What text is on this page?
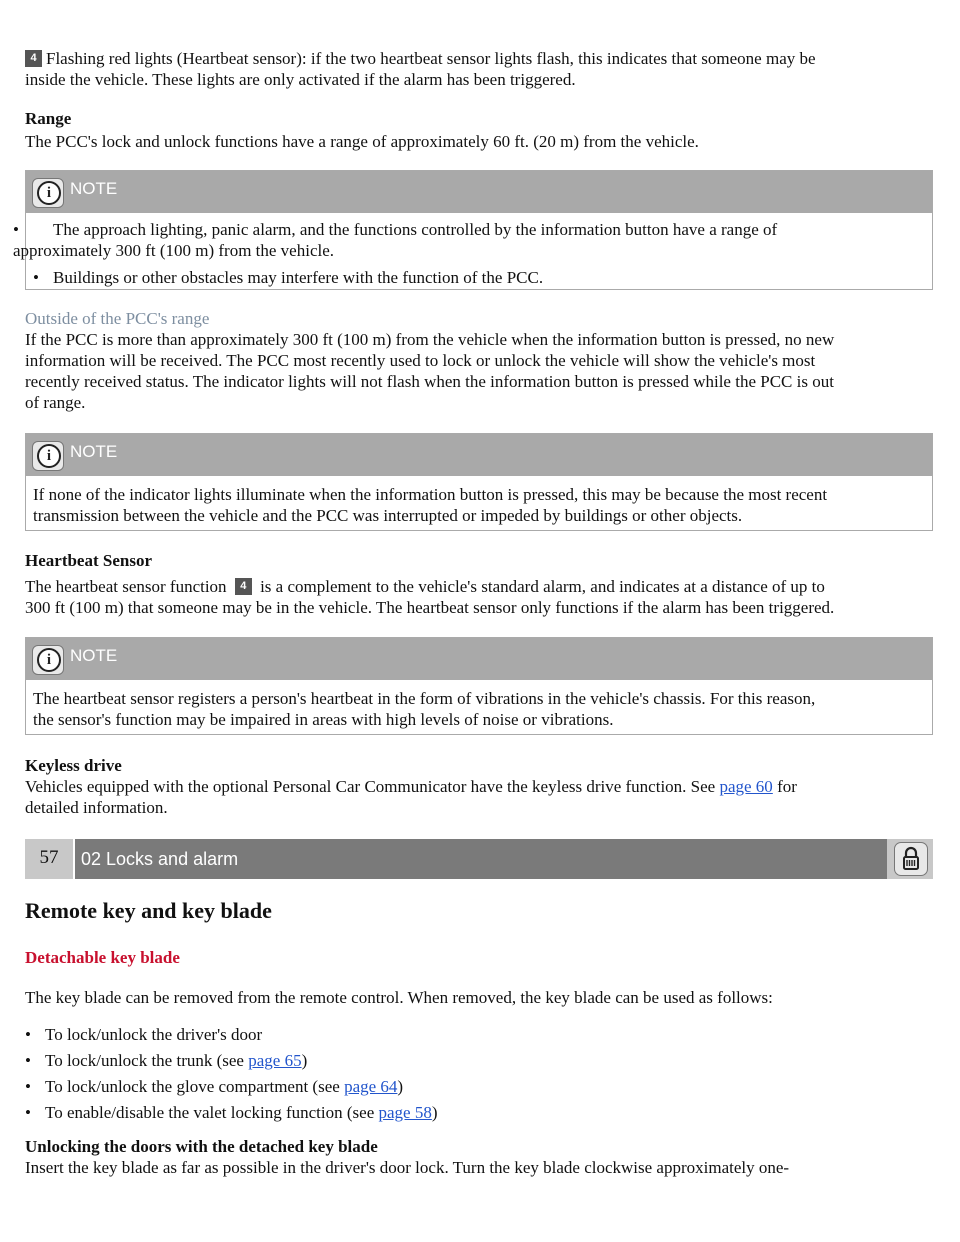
4 Flashing red lights (Heartbeat sensor): if the two heartbeat sensor lights flash, this indicates that someone may be
inside the vehicle. These lights are only activated if the alarm has been triggered.
Range
The PCC's lock and unlock functions have a range of approximately 60 ft. (20 m) from the vehicle.
i	NOTE
• The approach lighting, panic alarm, and the functions controlled by the information button have a range of
approximately 300 ft (100 m) from the vehicle.
• Buildings or other obstacles may interfere with the function of the PCC.
Outside of the PCC's range
If the PCC is more than approximately 300 ft (100 m) from the vehicle when the information button is pressed, no new
information will be received. The PCC most recently used to lock or unlock the vehicle will show the vehicle's most
recently received status. The indicator lights will not flash when the information button is pressed while the PCC is out
of range.
i	NOTE
If none of the indicator lights illuminate when the information button is pressed, this may be because the most recent
transmission between the vehicle and the PCC was interrupted or impeded by buildings or other objects.
Heartbeat Sensor
The heartbeat sensor function 4 is a complement to the vehicle's standard alarm, and indicates at a distance of up to
300 ft (100 m) that someone may be in the vehicle. The heartbeat sensor only functions if the alarm has been triggered.
i	NOTE
The heartbeat sensor registers a person's heartbeat in the form of vibrations in the vehicle's chassis. For this reason,
the sensor's function may be impaired in areas with high levels of noise or vibrations.
Keyless drive
Vehicles equipped with the optional Personal Car Communicator have the keyless drive function. See page 60 for
detailed information.
57	02 Locks and alarm
Remote key and key blade
Detachable key blade
The key blade can be removed from the remote control. When removed, the key blade can be used as follows:
• To lock/unlock the driver's door
• To lock/unlock the trunk (see page 65)
• To lock/unlock the glove compartment (see page 64)
• To enable/disable the valet locking function (see page 58)
Unlocking the doors with the detached key blade
Insert the key blade as far as possible in the driver's door lock. Turn the key blade clockwise approximately one-
